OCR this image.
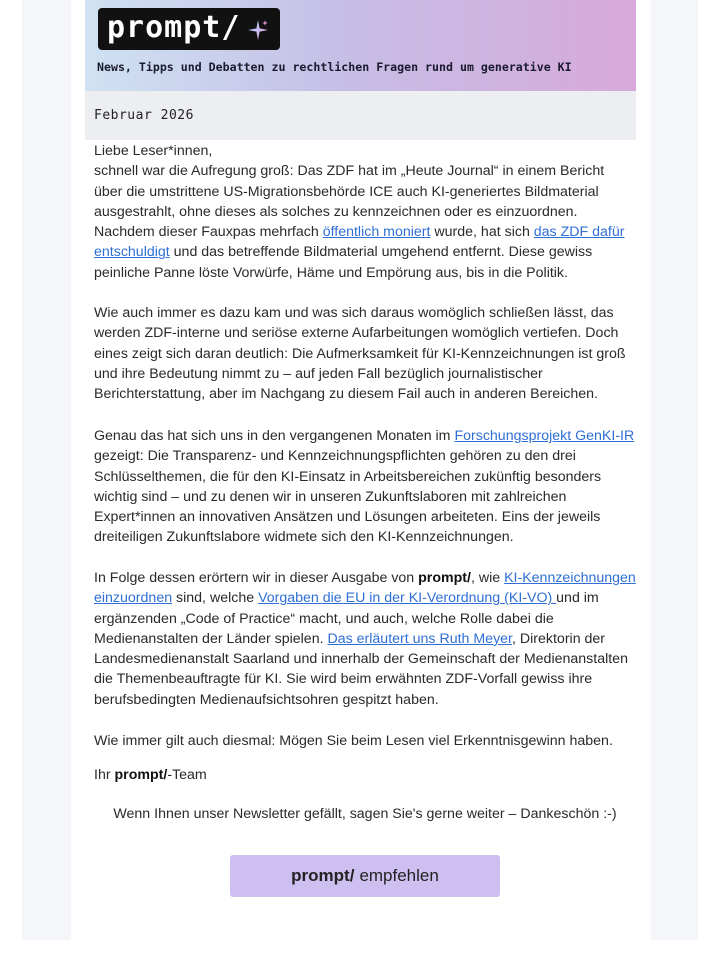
prompt/
News, Tipps und Debatten zu rechtlichen Fragen rund um generative KI
Februar 2026

Liebe Leser*innen,

schnell war die Aufregung groß: Das ZDF hat im „Heute Journal“ in einem Bericht über die umstrittene US-Migrationsbehörde ICE auch KI-generiertes Bildmaterial ausgestrahlt, ohne dieses als solches zu kennzeichnen oder es einzuordnen. Nachdem dieser Fauxpas mehrfach öffentlich moniert wurde, hat sich das ZDF dafür entschuldigt und das betreffende Bildmaterial umgehend entfernt. Diese gewiss peinliche Panne löste Vorwürfe, Häme und Empörung aus, bis in die Politik.

Wie auch immer es dazu kam und was sich daraus womöglich schließen lässt, das werden ZDF-interne und seriöse externe Aufarbeitungen womöglich vertiefen. Doch eines zeigt sich daran deutlich: Die Aufmerksamkeit für KI-Kennzeichnungen ist groß und ihre Bedeutung nimmt zu – auf jeden Fall bezüglich journalistischer Berichterstattung, aber im Nachgang zu diesem Fail auch in anderen Bereichen.

Genau das hat sich uns in den vergangenen Monaten im Forschungsprojekt GenKI-IR gezeigt: Die Transparenz- und Kennzeichnungspflichten gehören zu den drei Schlüsselthemen, die für den KI-Einsatz in Arbeitsbereichen zukünftig besonders wichtig sind – und zu denen wir in unseren Zukunftslaboren mit zahlreichen Expert*innen an innovativen Ansätzen und Lösungen arbeiteten. Eins der jeweils dreiteiligen Zukunftslabore widmete sich den KI-Kennzeichnungen.

In Folge dessen erörtern wir in dieser Ausgabe von prompt/, wie KI-Kennzeichnungen einzuordnen sind, welche Vorgaben die EU in der KI-Verordnung (KI-VO) und im ergänzenden „Code of Practice“ macht, und auch, welche Rolle dabei die Medienanstalten der Länder spielen. Das erläutert uns Ruth Meyer, Direktorin der Landesmedienanstalt Saarland und innerhalb der Gemeinschaft der Medienanstalten die Themenbeauftragte für KI. Sie wird beim erwähnten ZDF-Vorfall gewiss ihre berufsbedingten Medienaufsichtsohren gespitzt haben.

Wie immer gilt auch diesmal: Mögen Sie beim Lesen viel Erkenntnisgewinn haben.

Ihr prompt/-Team

Wenn Ihnen unser Newsletter gefällt, sagen Sie's gerne weiter – Dankeschön :-)
prompt/ empfehlen
